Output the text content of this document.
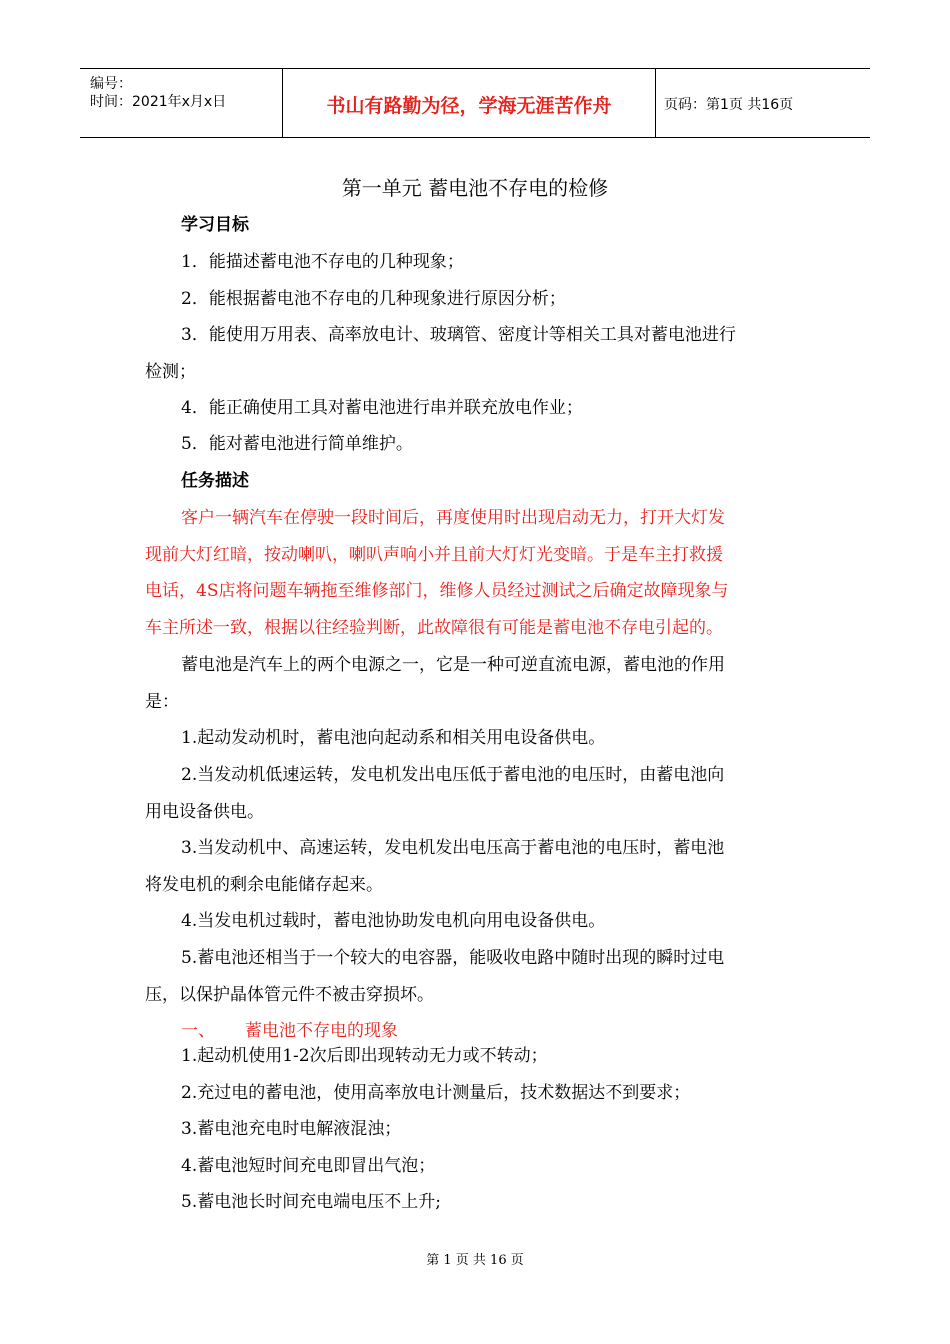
编号：
时间：2021年x月x日	书山有路勤为径，学海无涯苦作舟	页码：第1页 共16页
第一单元 蓄电池不存电的检修
学习目标
1．能描述蓄电池不存电的几种现象；
2．能根据蓄电池不存电的几种现象进行原因分析；
3．能使用万用表、高率放电计、玻璃管、密度计等相关工具对蓄电池进行
检测；
4．能正确使用工具对蓄电池进行串并联充放电作业；
5．能对蓄电池进行简单维护。
任务描述
客户一辆汽车在停驶一段时间后，再度使用时出现启动无力，打开大灯发
现前大灯红暗，按动喇叭，喇叭声响小并且前大灯灯光变暗。于是车主打救援
电话，4S店将问题车辆拖至维修部门，维修人员经过测试之后确定故障现象与
车主所述一致，根据以往经验判断，此故障很有可能是蓄电池不存电引起的。
蓄电池是汽车上的两个电源之一，它是一种可逆直流电源，蓄电池的作用
是：
1.起动发动机时，蓄电池向起动系和相关用电设备供电。
2.当发动机低速运转，发电机发出电压低于蓄电池的电压时，由蓄电池向
用电设备供电。
3.当发动机中、高速运转，发电机发出电压高于蓄电池的电压时，蓄电池
将发电机的剩余电能储存起来。
4.当发电机过载时，蓄电池协助发电机向用电设备供电。
5.蓄电池还相当于一个较大的电容器，能吸收电路中随时出现的瞬时过电
压，以保护晶体管元件不被击穿损坏。
一、 蓄电池不存电的现象
1.起动机使用1-2次后即出现转动无力或不转动；
2.充过电的蓄电池，使用高率放电计测量后，技术数据达不到要求；
3.蓄电池充电时电解液混浊；
4.蓄电池短时间充电即冒出气泡；
5.蓄电池长时间充电端电压不上升;
第 1 页 共 16 页
